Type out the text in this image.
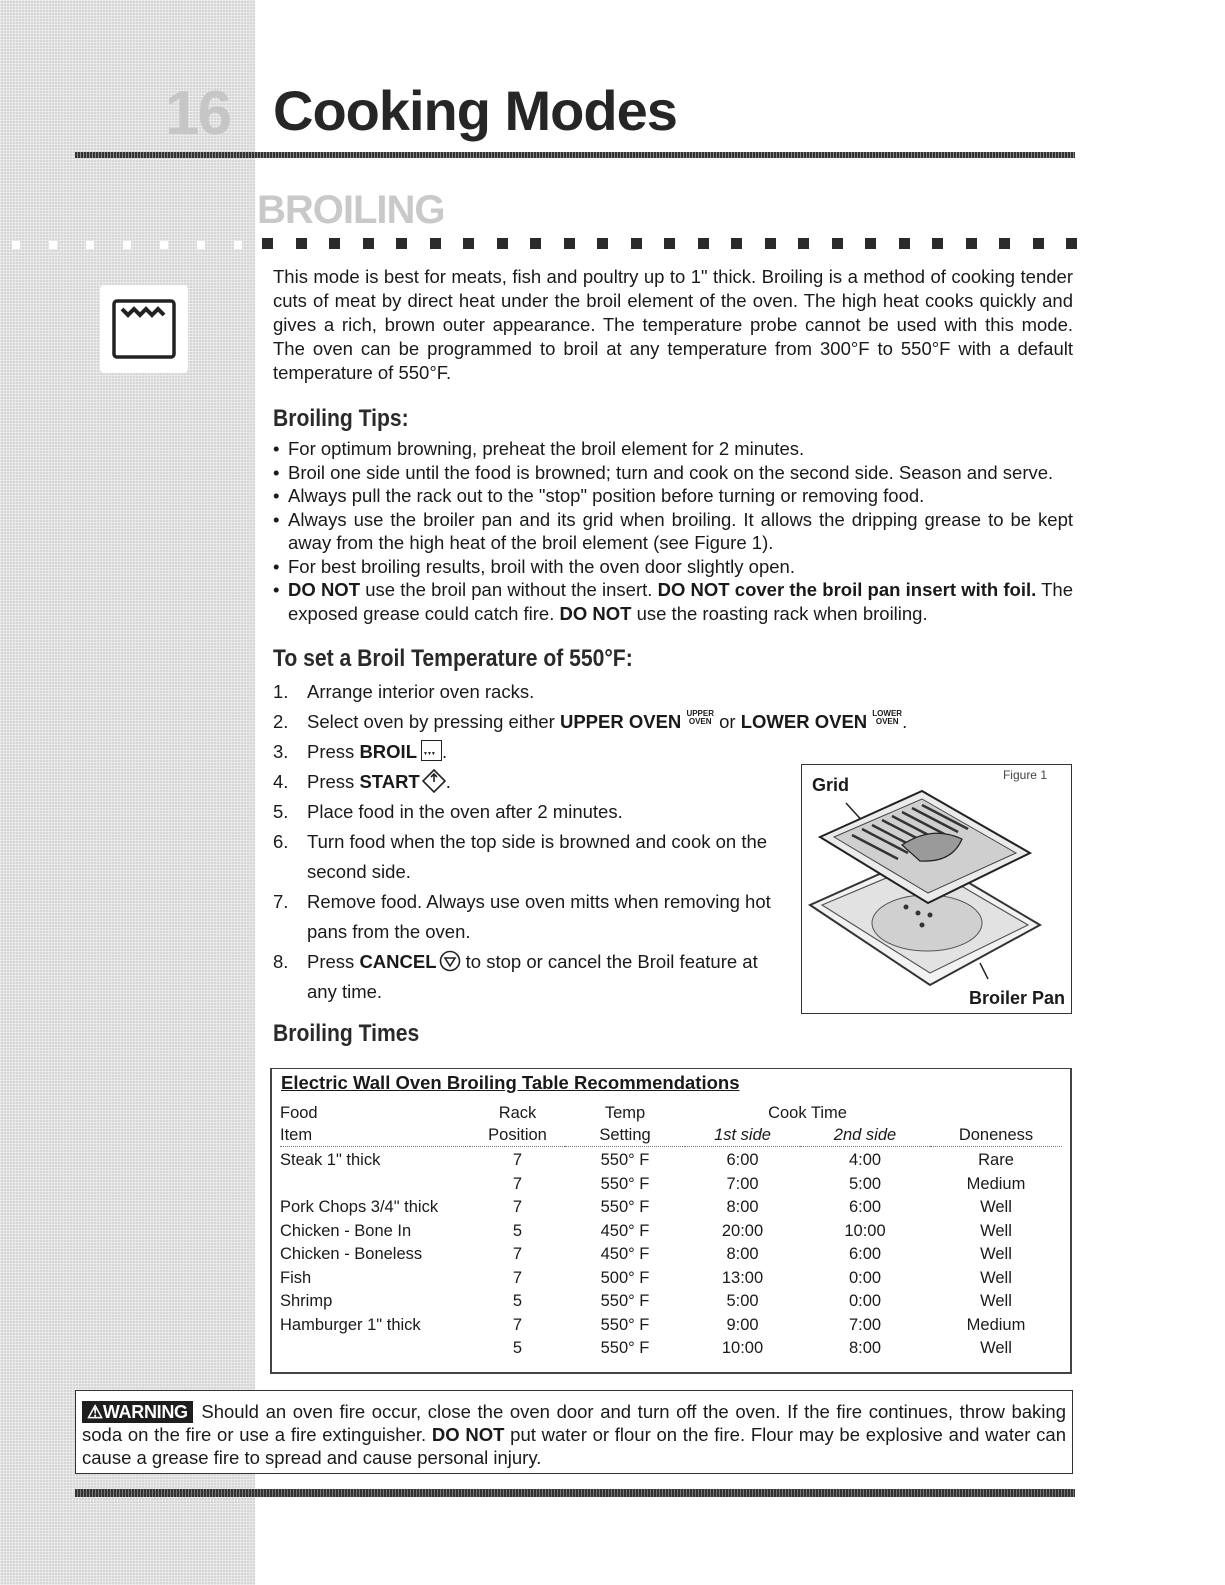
16 Cooking Modes
BROILING

This mode is best for meats, fish and poultry up to 1" thick. Broiling is a method of cooking tender cuts of meat by direct heat under the broil element of the oven. The high heat cooks quickly and gives a rich, brown outer appearance. The temperature probe cannot be used with this mode. The oven can be programmed to broil at any temperature from 300°F to 550°F with a default temperature of 550°F.

Broiling Tips:
• For optimum browning, preheat the broil element for 2 minutes.
• Broil one side until the food is browned; turn and cook on the second side. Season and serve.
• Always pull the rack out to the "stop" position before turning or removing food.
• Always use the broiler pan and its grid when broiling. It allows the dripping grease to be kept away from the high heat of the broil element (see Figure 1).
• For best broiling results, broil with the oven door slightly open.
• DO NOT use the broil pan without the insert. DO NOT cover the broil pan insert with foil. The exposed grease could catch fire. DO NOT use the roasting rack when broiling.
To set a Broil Temperature of 550°F:
1. Arrange interior oven racks.
2. Select oven by pressing either UPPER OVEN UPPER
OVEN or LOWER OVEN LOWER
OVEN .
3. Press BROIL ▼▼▼ .
4. Press START .
5. Place food in the oven after 2 minutes.
6. Turn food when the top side is browned and cook on the second side.
7. Remove food. Always use oven mitts when removing hot pans from the oven.
8. Press CANCEL to stop or cancel the Broil feature at any time.
Figure 1
Grid
Broiler Pan
Broiling Times
Electric Wall Oven Broiling Table Recommendations
Food	Rack	Temp	Cook Time		
Item	Position	Setting	1st side	2nd side	Doneness
Steak 1" thick	7	550° F	6:00	4:00	Rare
	7	550° F	7:00	5:00	Medium
Pork Chops 3/4" thick	7	550° F	8:00	6:00	Well
Chicken - Bone In	5	450° F	20:00	10:00	Well
Chicken - Boneless	7	450° F	8:00	6:00	Well
Fish	7	500° F	13:00	0:00	Well
Shrimp	5	550° F	5:00	0:00	Well
Hamburger 1" thick	7	550° F	9:00	7:00	Medium
	5	550° F	10:00	8:00	Well
⚠WARNING Should an oven fire occur, close the oven door and turn off the oven. If the fire continues, throw baking soda on the fire or use a fire extinguisher. DO NOT put water or flour on the fire. Flour may be explosive and water can cause a grease fire to spread and cause personal injury.
